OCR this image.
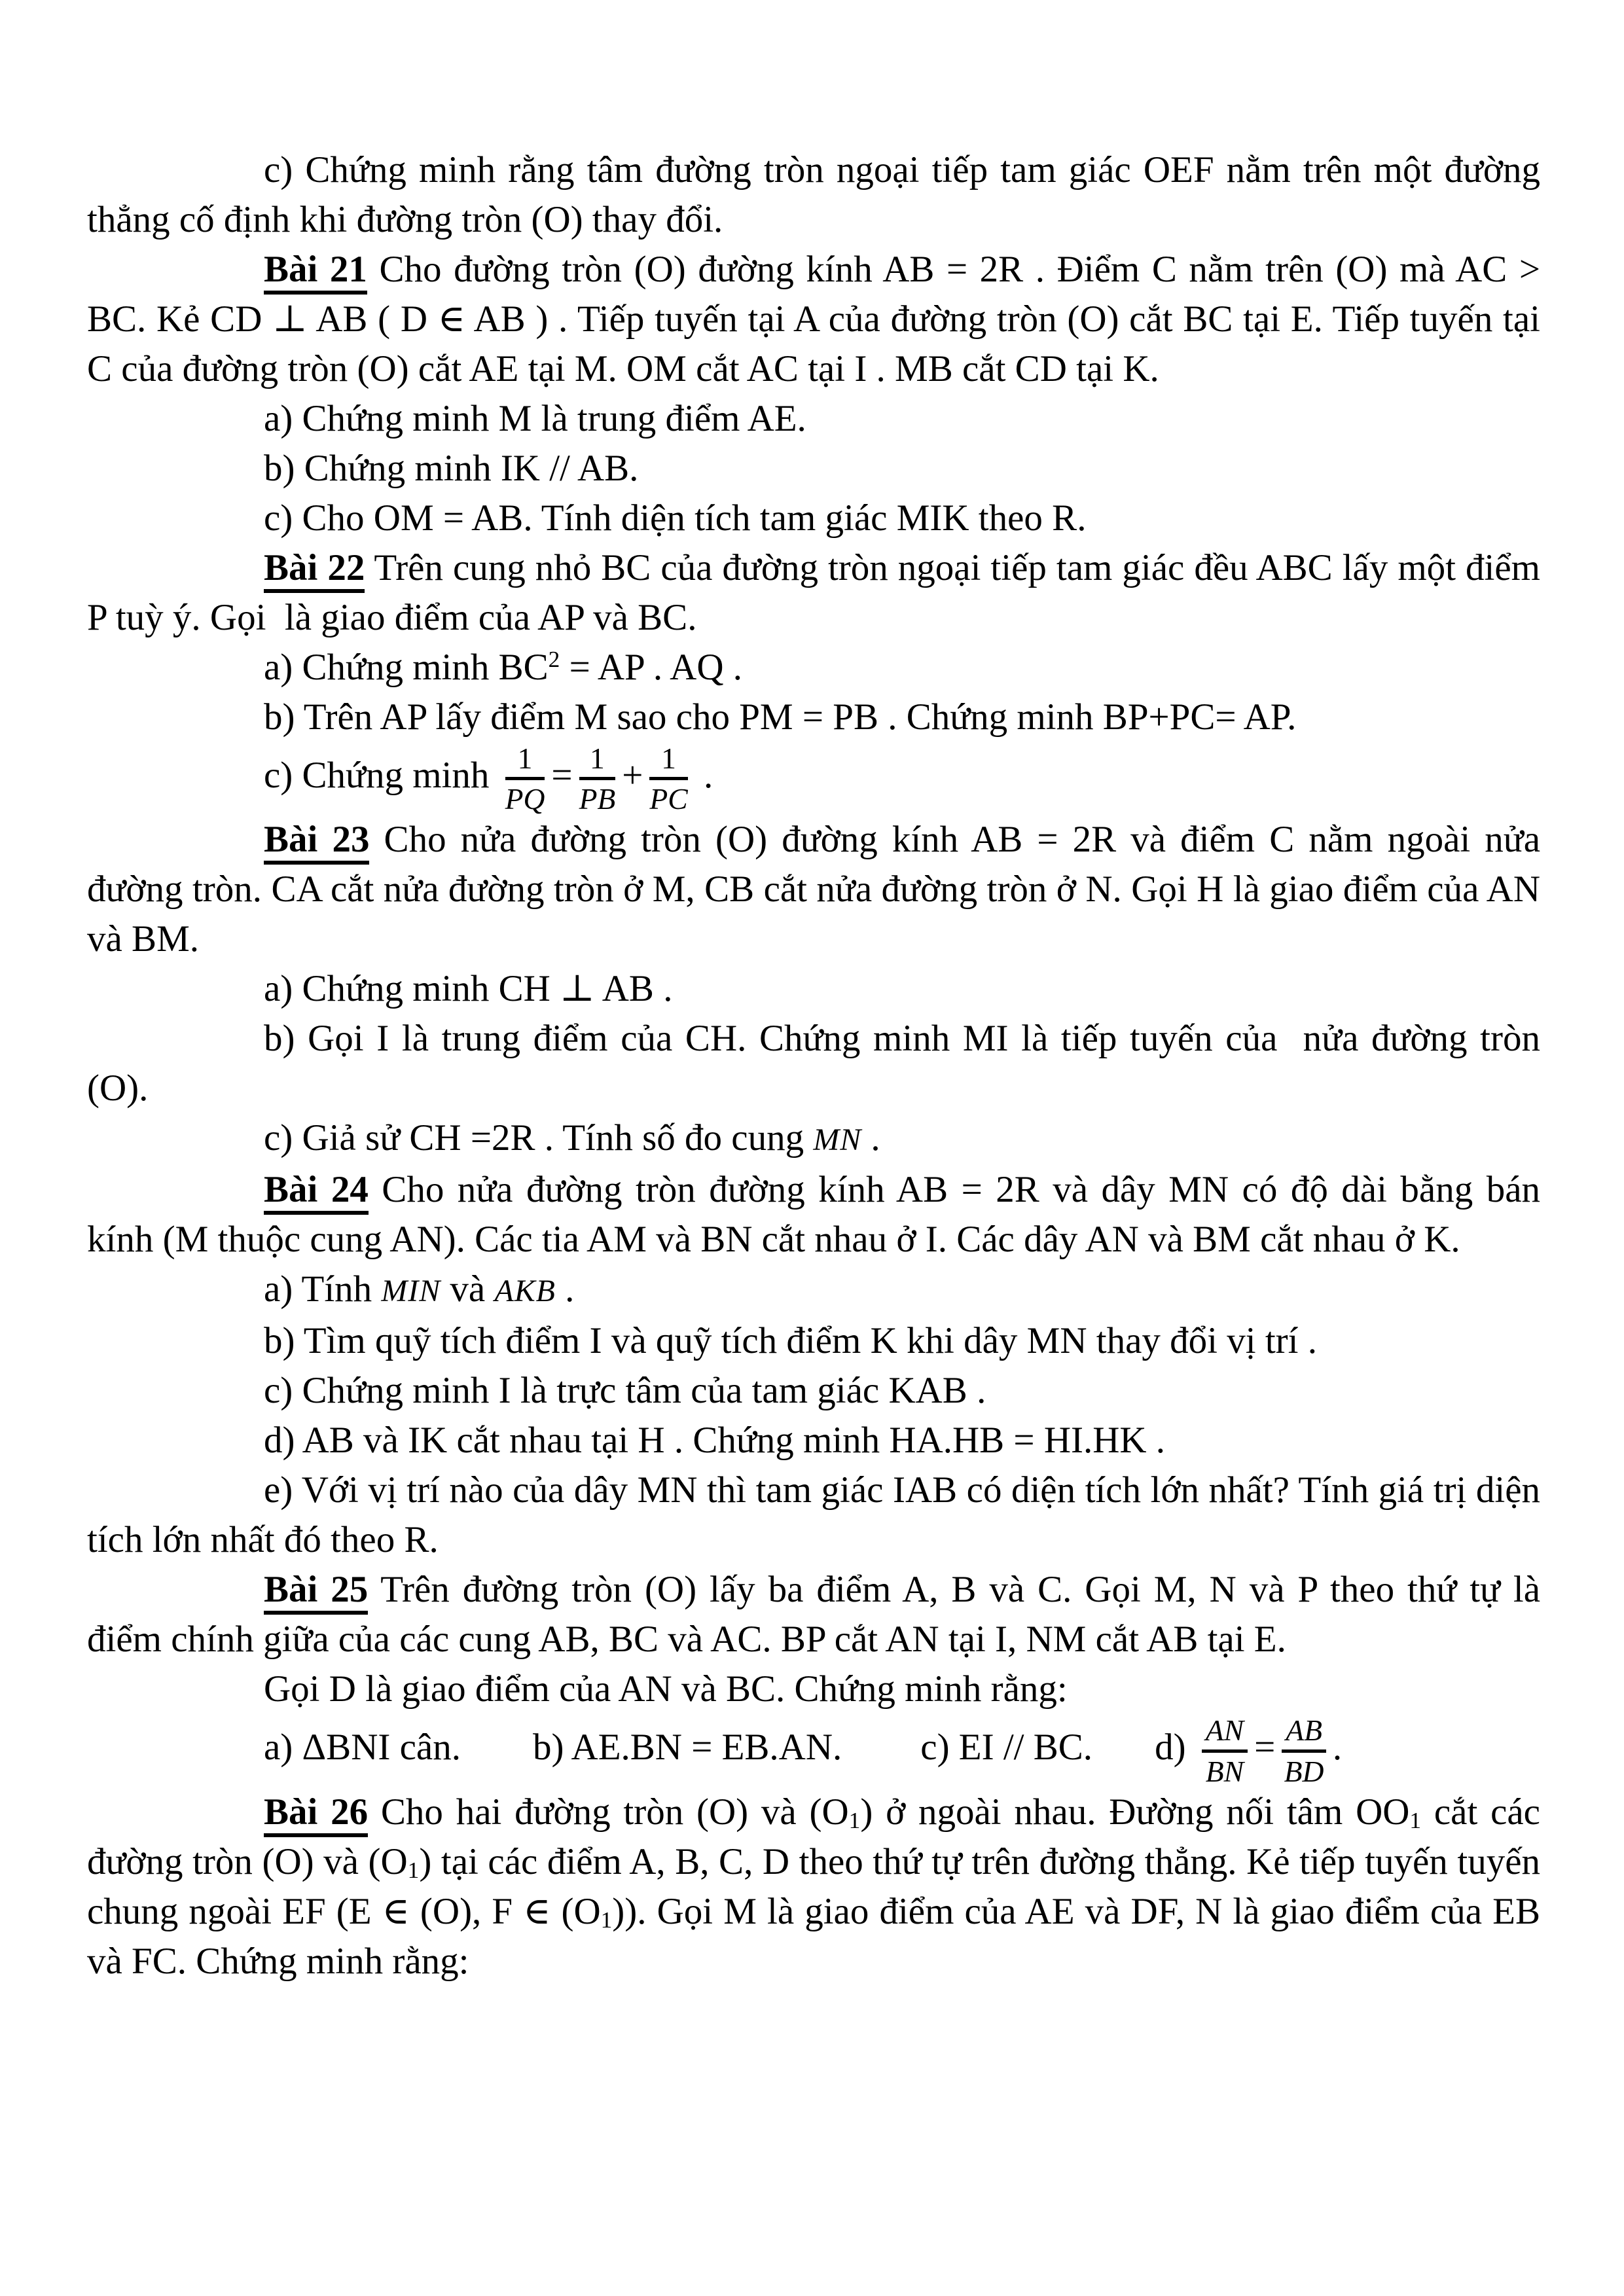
c) Chứng minh rằng tâm đường tròn ngoại tiếp tam giác OEF nằm trên một đường thẳng cố định khi đường tròn (O) thay đổi.

Bài 21 Cho đường tròn (O) đường kính AB = 2R . Điểm C nằm trên (O) mà AC > BC. Kẻ CD ⊥ AB ( D ∈ AB ) . Tiếp tuyến tại A của đường tròn (O) cắt BC tại E. Tiếp tuyến tại C của đường tròn (O) cắt AE tại M. OM cắt AC tại I . MB cắt CD tại K.

a) Chứng minh M là trung điểm AE.

b) Chứng minh IK // AB.

c) Cho OM = AB. Tính diện tích tam giác MIK theo R.

Bài 22 Trên cung nhỏ BC của đường tròn ngoại tiếp tam giác đều ABC lấy một điểm P tuỳ ý. Gọi  là giao điểm của AP và BC.

a) Chứng minh $BC^2$ = AP . AQ .

b) Trên AP lấy điểm M sao cho PM = PB . Chứng minh BP+PC= AP.

c) Chứng minh $\frac{1}{PQ} = \frac{1}{PB} + \frac{1}{PC}$ .

Bài 23 Cho nửa đường tròn (O) đường kính AB = 2R và điểm C nằm ngoài nửa đường tròn. CA cắt nửa đường tròn ở M, CB cắt nửa đường tròn ở N. Gọi H là giao điểm của AN và BM.

a) Chứng minh CH ⊥ AB .

b) Gọi I là trung điểm của CH. Chứng minh MI là tiếp tuyến của  nửa đường tròn (O).

c) Giả sử CH =2R . Tính số đo cung MN .

Bài 24 Cho nửa đường tròn đường kính AB = 2R và dây MN có độ dài bằng bán kính (M thuộc cung AN). Các tia AM và BN cắt nhau ở I. Các dây AN và BM cắt nhau ở K.

a) Tính MIN và AKB .

b) Tìm quỹ tích điểm I và quỹ tích điểm K khi dây MN thay đổi vị trí .

c) Chứng minh I là trực tâm của tam giác KAB .

d) AB và IK cắt nhau tại H . Chứng minh HA.HB = HI.HK .

e) Với vị trí nào của dây MN thì tam giác IAB có diện tích lớn nhất? Tính giá trị diện tích lớn nhất đó theo R.

Bài 25 Trên đường tròn (O) lấy ba điểm A, B và C. Gọi M, N và P theo thứ tự là điểm chính giữa của các cung AB, BC và AC. BP cắt AN tại I, NM cắt AB tại E.

Gọi D là giao điểm của AN và BC. Chứng minh rằng:

a) ΔBNI cân. b) AE.BN = EB.AN. c) EI // BC. $d) \frac{AN}{BN} = \frac{AB}{BD}$ .

Bài 26 Cho hai đường tròn (O) và $(O_1)$ ở ngoài nhau. Đường nối tâm $OO_1$ cắt các đường tròn (O) và $(O_1)$ tại các điểm A, B, C, D theo thứ tự trên đường thẳng. Kẻ tiếp tuyến tuyến chung ngoài EF (E ∈ (O), F ∈ $(O_1)$). Gọi M là giao điểm của AE và DF, N là giao điểm của EB và FC. Chứng minh rằng:
